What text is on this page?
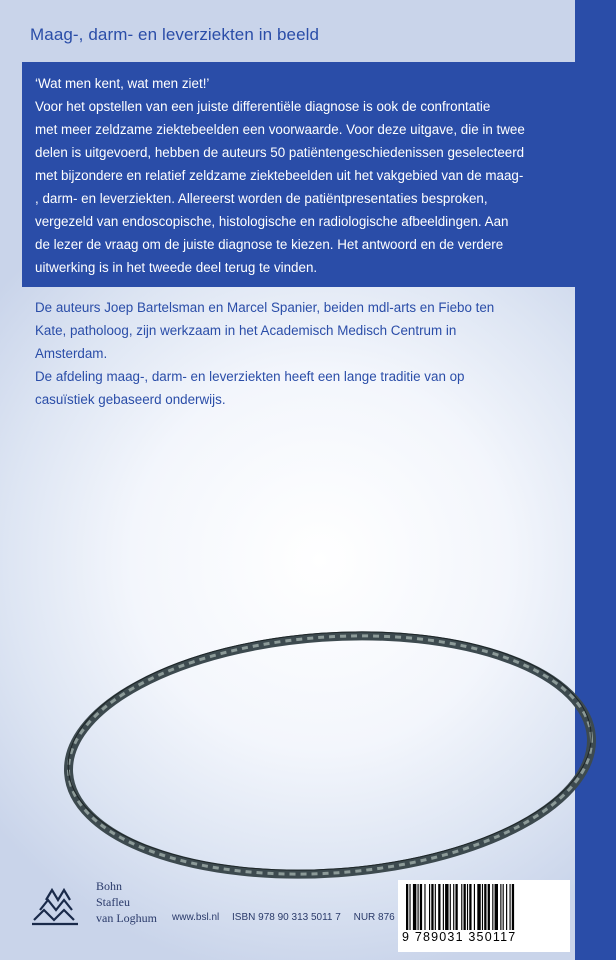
Maag-, darm- en leverziekten in beeld

‘Wat men kent, wat men ziet!’

Voor het opstellen van een juiste differentiële diagnose is ook de confrontatie

met meer zeldzame ziektebeelden een voorwaarde. Voor deze uitgave, die in twee

delen is uitgevoerd, hebben de auteurs 50 patiëntengeschiedenissen geselecteerd

met bijzondere en relatief zeldzame ziektebeelden uit het vakgebied van de maag-

, darm- en leverziekten. Allereerst worden de patiëntpresentaties besproken,

vergezeld van endoscopische, histologische en radiologische afbeeldingen. Aan

de lezer de vraag om de juiste diagnose te kiezen. Het antwoord en de verdere

uitwerking is in het tweede deel terug te vinden.

De auteurs Joep Bartelsman en Marcel Spanier, beiden mdl-arts en Fiebo ten

Kate, patholoog, zijn werkzaam in het Academisch Medisch Centrum in

Amsterdam.

De afdeling maag-, darm- en leverziekten heeft een lange traditie van op

casuïstiek gebaseerd onderwijs.

Bohn
Stafleu
van Loghum www.bsl.nl ISBN 978 90 313 5011 7 NUR 876
9 789031 350117
